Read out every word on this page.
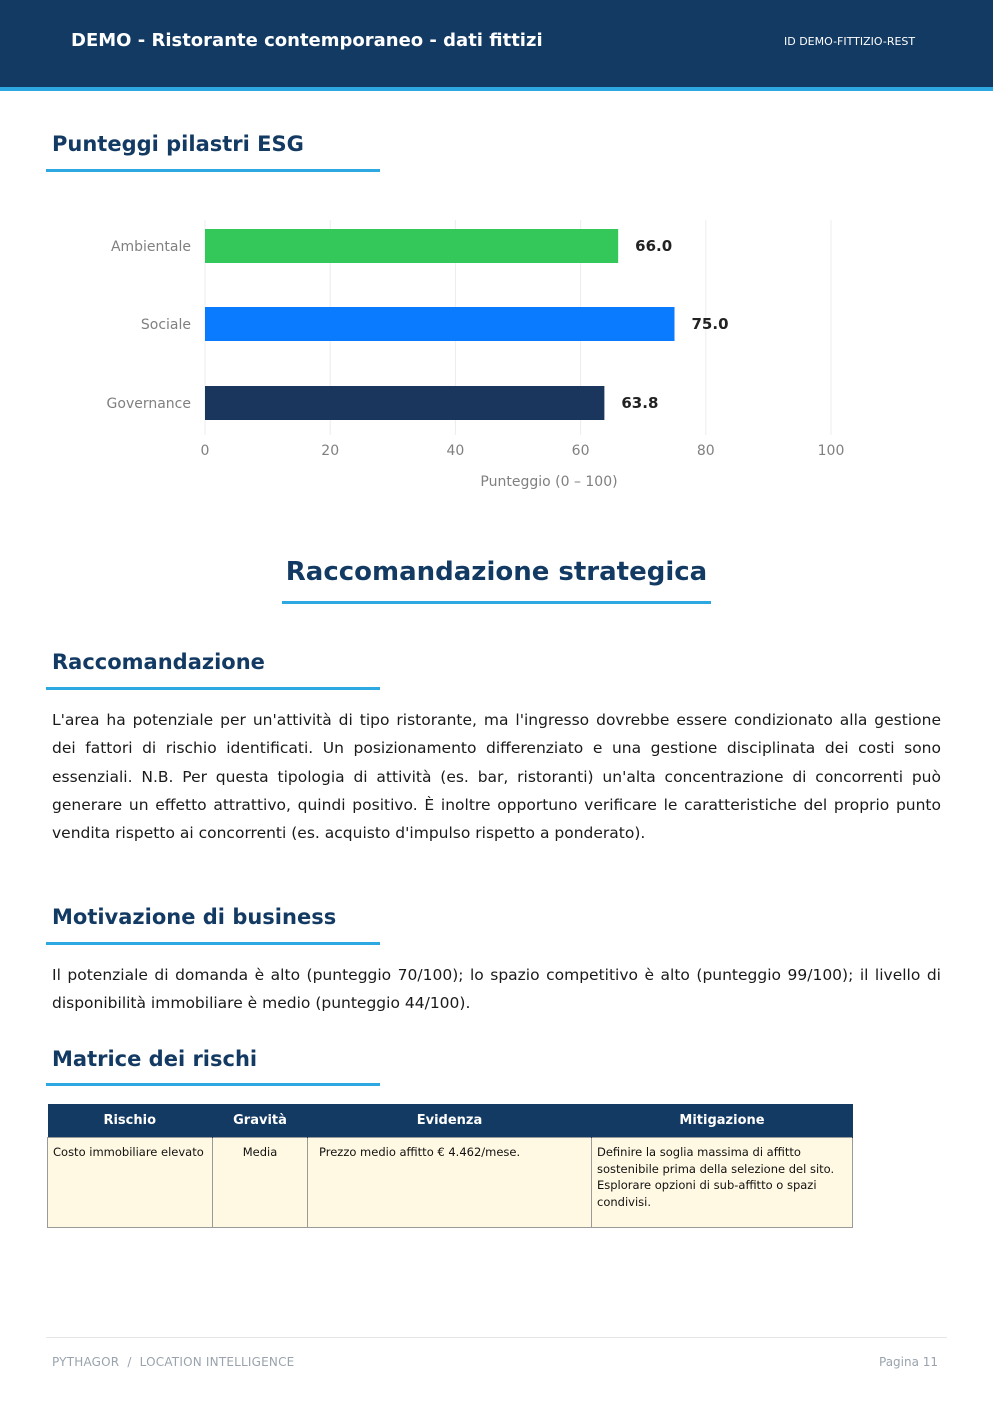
DEMO - Ristorante contemporaneo - dati fittizi	ID DEMO-FITTIZIO-REST
Punteggi pilastri ESG
0	20	40	60	80	100
Punteggio (0 – 100)
Ambientale	66.0
Sociale	75.0
Governance	63.8
Raccomandazione strategica
Raccomandazione
L'area ha potenziale per un'attività di tipo ristorante, ma l'ingresso dovrebbe essere condizionato alla gestione dei fattori di rischio identificati. Un posizionamento differenziato e una gestione disciplinata dei costi sono essenziali. N.B. Per questa tipologia di attività (es. bar, ristoranti) un'alta concentrazione di concorrenti può generare un effetto attrattivo, quindi positivo. È inoltre opportuno verificare le caratteristiche del proprio punto vendita rispetto ai concorrenti (es. acquisto d'impulso rispetto a ponderato).
Motivazione di business
Il potenziale di domanda è alto (punteggio 70/100); lo spazio competitivo è alto (punteggio 99/100); il livello di disponibilità immobiliare è medio (punteggio 44/100).
Matrice dei rischi
Rischio	Gravità	Evidenza	Mitigazione
Costo immobiliare elevato	Media	Prezzo medio affitto € 4.462/mese.	Definire la soglia massima di affitto sostenibile prima della selezione del sito. Esplorare opzioni di sub-affitto o spazi condivisi.
PYTHAGOR  /  LOCATION INTELLIGENCE	Pagina 11
